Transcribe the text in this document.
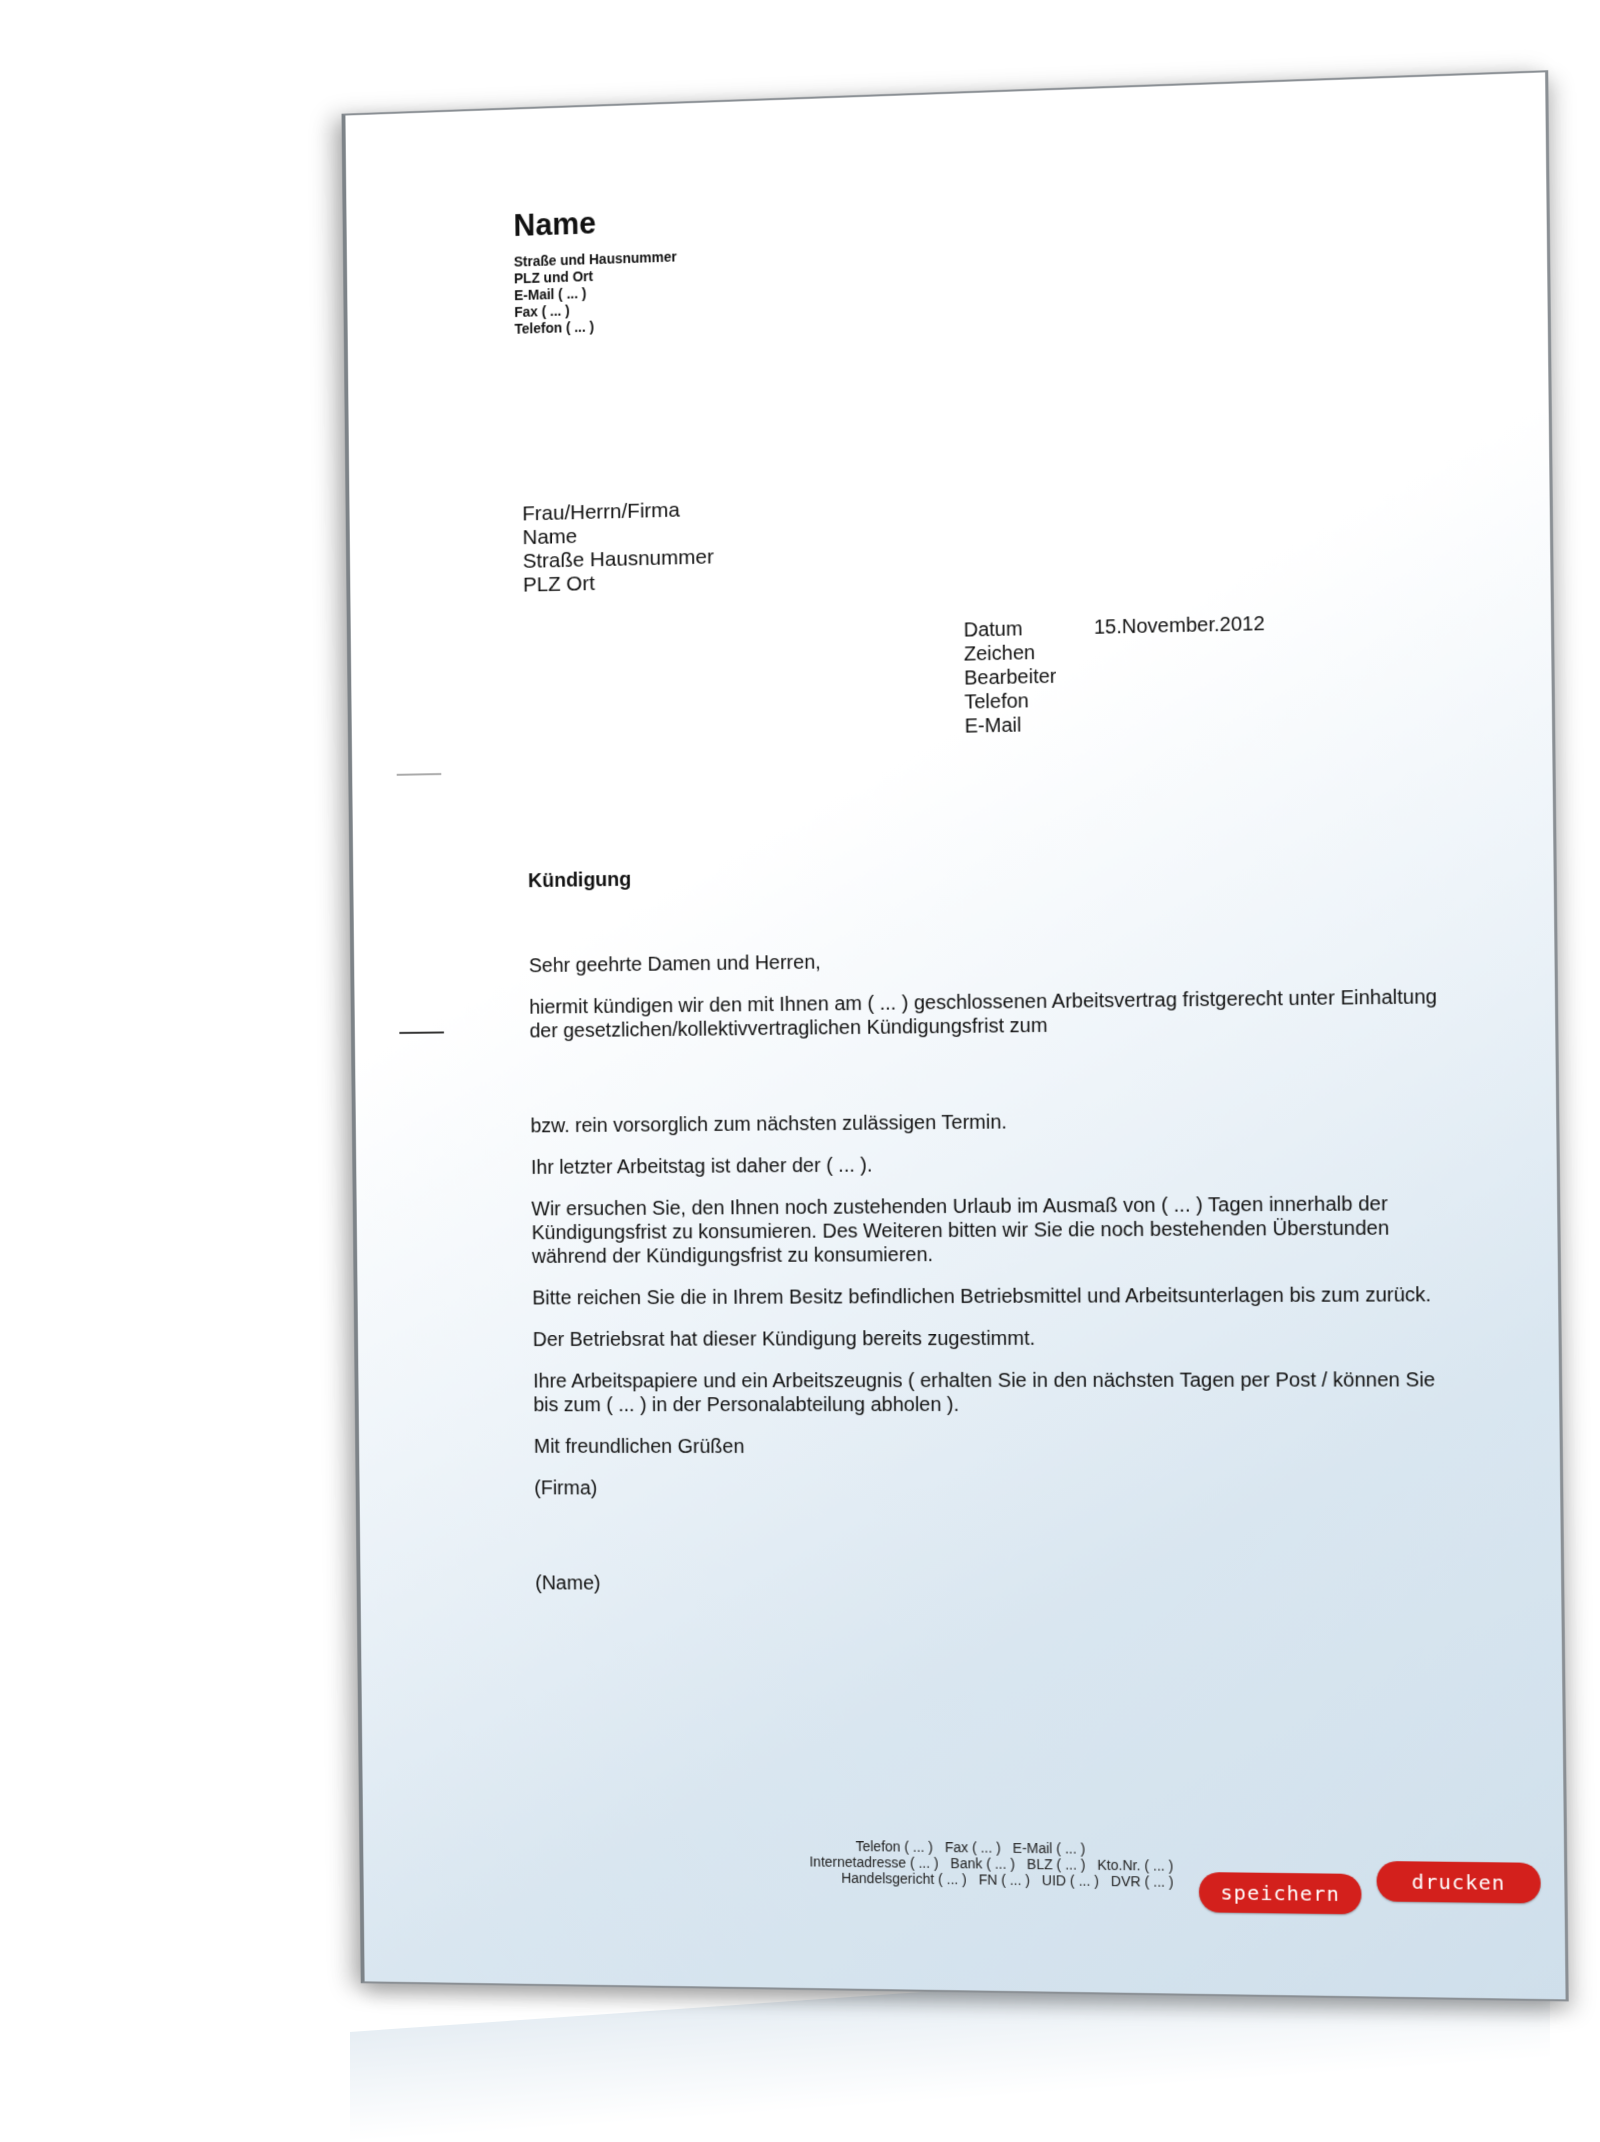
Name
Straße und Hausnummer
PLZ und Ort
E-Mail ( ... )
Fax ( ... )
Telefon ( ... )
Frau/Herrn/Firma
Name
Straße Hausnummer
PLZ Ort
Datum	15.November.2012
Zeichen
Bearbeiter
Telefon
E-Mail
Kündigung

Sehr geehrte Damen und Herren,

hiermit kündigen wir den mit Ihnen am ( ... ) geschlossenen Arbeitsvertrag fristgerecht unter Einhaltung der gesetzlichen/kollektivvertraglichen Kündigungsfrist zum

bzw. rein vorsorglich zum nächsten zulässigen Termin.

Ihr letzter Arbeitstag ist daher der ( ... ).

Wir ersuchen Sie, den Ihnen noch zustehenden Urlaub im Ausmaß von ( ... ) Tagen innerhalb der Kündigungsfrist zu konsumieren. Des Weiteren bitten wir Sie die noch bestehenden Überstunden während der Kündigungsfrist zu konsumieren.

Bitte reichen Sie die in Ihrem Besitz befindlichen Betriebsmittel und Arbeitsunterlagen bis zum zurück.

Der Betriebsrat hat dieser Kündigung bereits zugestimmt.

Ihre Arbeitspapiere und ein Arbeitszeugnis ( erhalten Sie in den nächsten Tagen per Post / können Sie bis zum ( ... ) in der Personalabteilung abholen ).

Mit freundlichen Grüßen

(Firma)

(Name)

Telefon ( ... ) Fax ( ... ) E-Mail ( ... )
Internetadresse ( ... ) Bank ( ... ) BLZ ( ... ) Kto.Nr. ( ... )
Handelsgericht ( ... ) FN ( ... ) UID ( ... ) DVR ( ... )	speichern	drucken
